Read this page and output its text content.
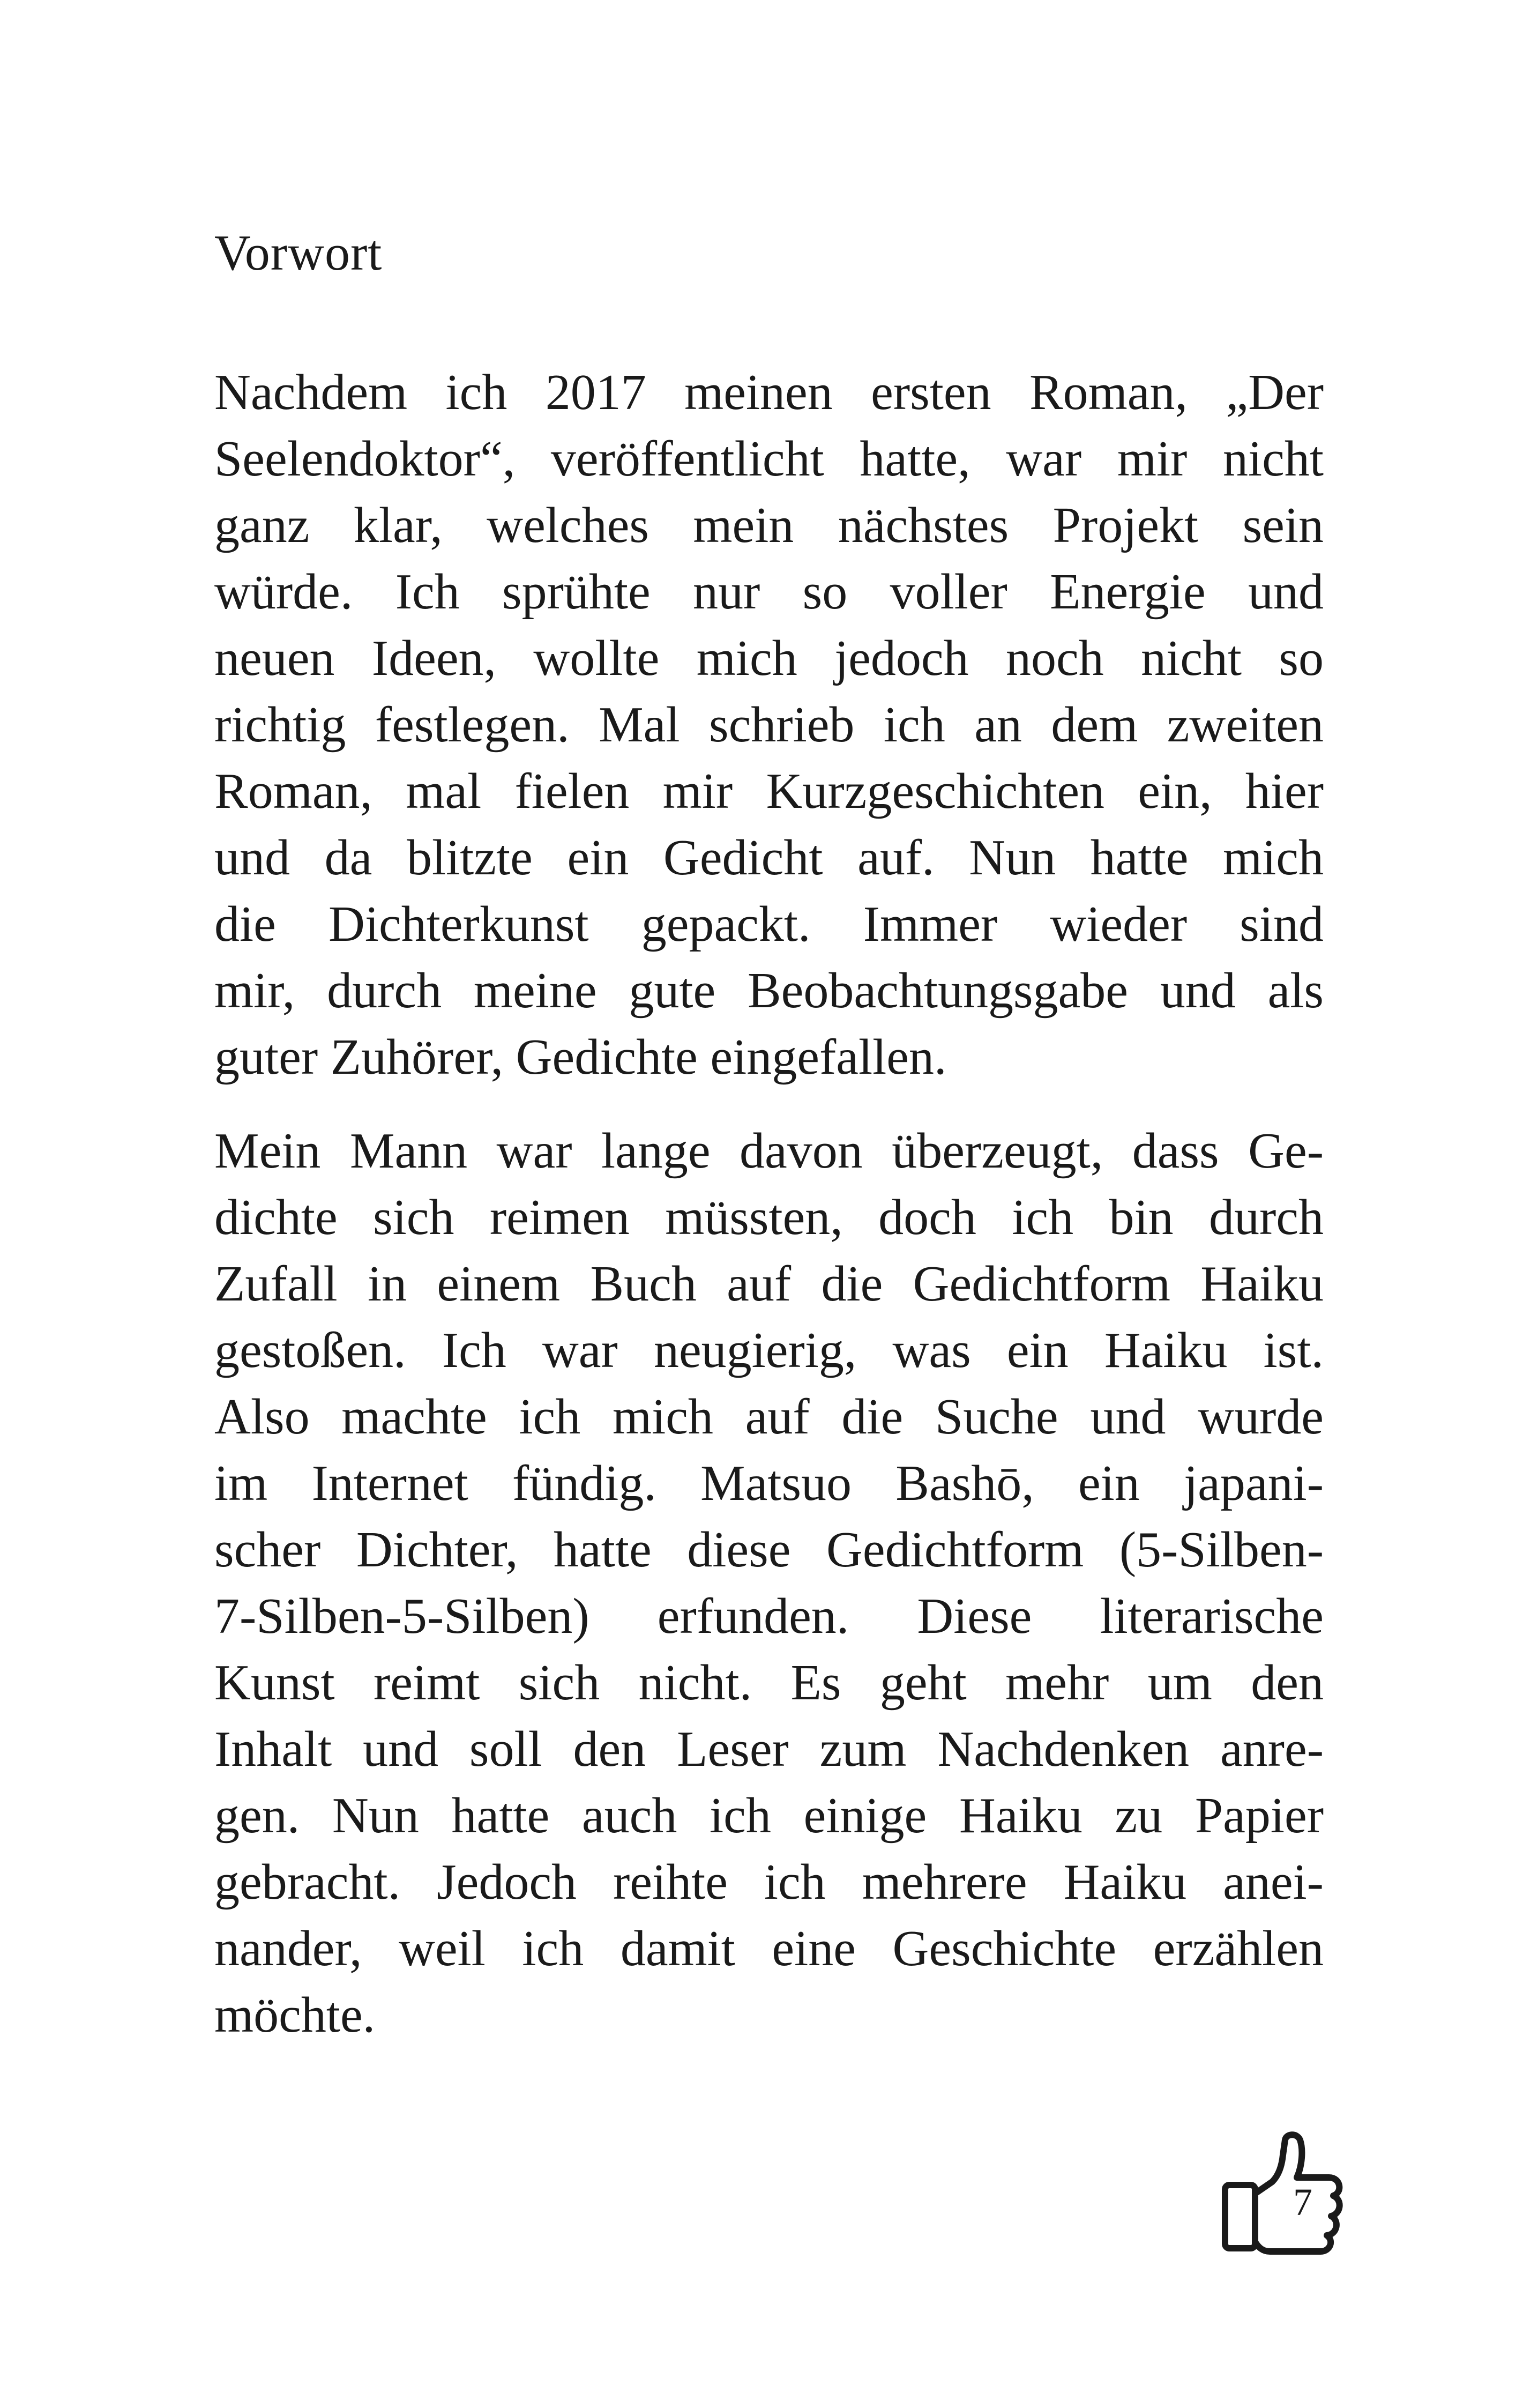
Vorwort
Nachdem ich 2017 meinen ersten Roman, „Der
Seelendoktor“, veröffentlicht hatte, war mir nicht
ganz klar, welches mein nächstes Projekt sein
würde. Ich sprühte nur so voller Energie und
neuen Ideen, wollte mich jedoch noch nicht so
richtig festlegen. Mal schrieb ich an dem zweiten
Roman, mal fielen mir Kurzgeschichten ein, hier
und da blitzte ein Gedicht auf. Nun hatte mich
die Dichterkunst gepackt. Immer wieder sind
mir, durch meine gute Beobachtungsgabe und als
guter Zuhörer, Gedichte eingefallen.
Mein Mann war lange davon überzeugt, dass Ge-
dichte sich reimen müssten, doch ich bin durch
Zufall in einem Buch auf die Gedichtform Haiku
gestoßen. Ich war neugierig, was ein Haiku ist.
Also machte ich mich auf die Suche und wurde
im Internet fündig. Matsuo Bashō, ein japani-
scher Dichter, hatte diese Gedichtform (5-Silben-
7-Silben-5-Silben) erfunden. Diese literarische
Kunst reimt sich nicht. Es geht mehr um den
Inhalt und soll den Leser zum Nachdenken anre-
gen. Nun hatte auch ich einige Haiku zu Papier
gebracht. Jedoch reihte ich mehrere Haiku anei-
nander, weil ich damit eine Geschichte erzählen
möchte.
7
